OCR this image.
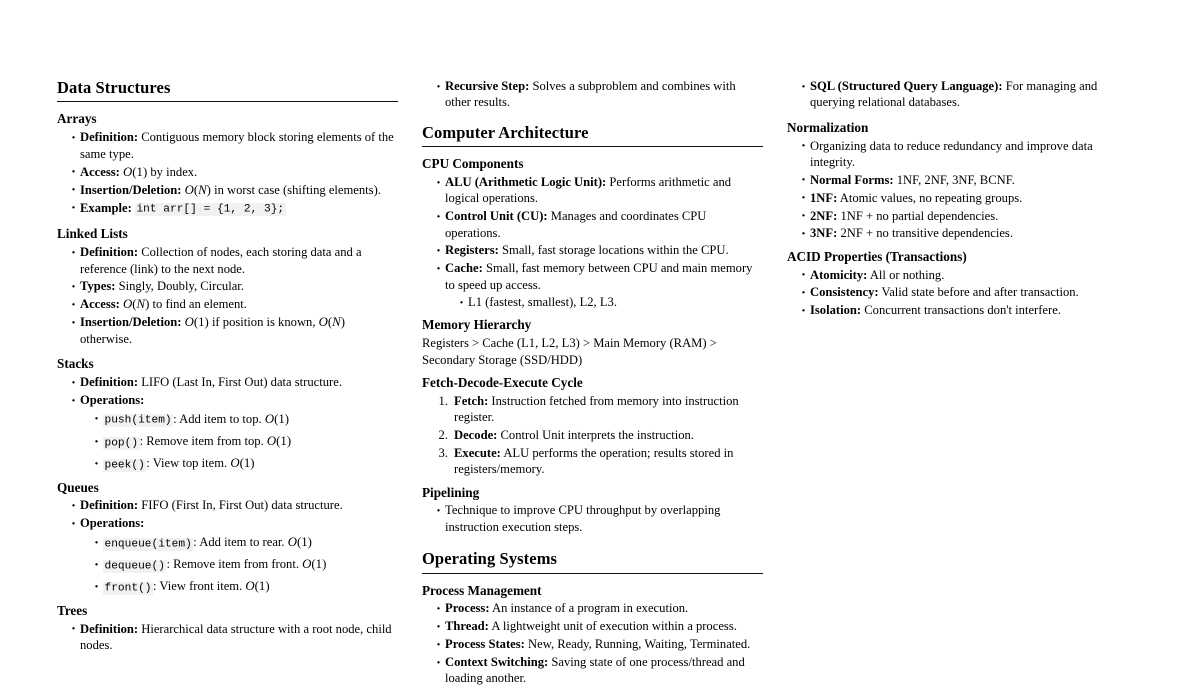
Data Structures
Arrays
· Definition: Contiguous memory block storing elements of the same type.
· Access: O(1) by index.
· Insertion/Deletion: O(N) in worst case (shifting elements).
· Example: int arr[] = {1, 2, 3};
Linked Lists
· Definition: Collection of nodes, each storing data and a reference (link) to the next node.
· Types: Singly, Doubly, Circular.
· Access: O(N) to find an element.
· Insertion/Deletion: O(1) if position is known, O(N) otherwise.
Stacks
· Definition: LIFO (Last In, First Out) data structure.
· Operations:
· push(item) : Add item to top. O(1)
· pop() : Remove item from top. O(1)
· peek() : View top item. O(1)
Queues
· Definition: FIFO (First In, First Out) data structure.
· Operations:
· enqueue(item) : Add item to rear. O(1)
· dequeue() : Remove item from front. O(1)
· front() : View front item. O(1)
Trees
· Definition: Hierarchical data structure with a root node, child nodes.
· Recursive Step: Solves a subproblem and combines with other results.
Computer Architecture
CPU Components
· ALU (Arithmetic Logic Unit): Performs arithmetic and logical operations.
· Control Unit (CU): Manages and coordinates CPU operations.
· Registers: Small, fast storage locations within the CPU.
· Cache: Small, fast memory between CPU and main memory to speed up access.
· L1 (fastest, smallest), L2, L3.
Memory Hierarchy

Registers > Cache (L1, L2, L3) > Main Memory (RAM) > Secondary Storage (SSD/HDD)

Fetch-Decode-Execute Cycle
Fetch: Instruction fetched from memory into instruction register.
Decode: Control Unit interprets the instruction.
Execute: ALU performs the operation; results stored in registers/memory.
Pipelining
· Technique to improve CPU throughput by overlapping instruction execution steps.
Operating Systems
Process Management
· Process: An instance of a program in execution.
· Thread: A lightweight unit of execution within a process.
· Process States: New, Ready, Running, Waiting, Terminated.
· Context Switching: Saving state of one process/thread and loading another.
· SQL (Structured Query Language): For managing and querying relational databases.
Normalization
· Organizing data to reduce redundancy and improve data integrity.
· Normal Forms: 1NF, 2NF, 3NF, BCNF.
· 1NF: Atomic values, no repeating groups.
· 2NF: 1NF + no partial dependencies.
· 3NF: 2NF + no transitive dependencies.
ACID Properties (Transactions)
· Atomicity: All or nothing.
· Consistency: Valid state before and after transaction.
· Isolation: Concurrent transactions don't interfere.
